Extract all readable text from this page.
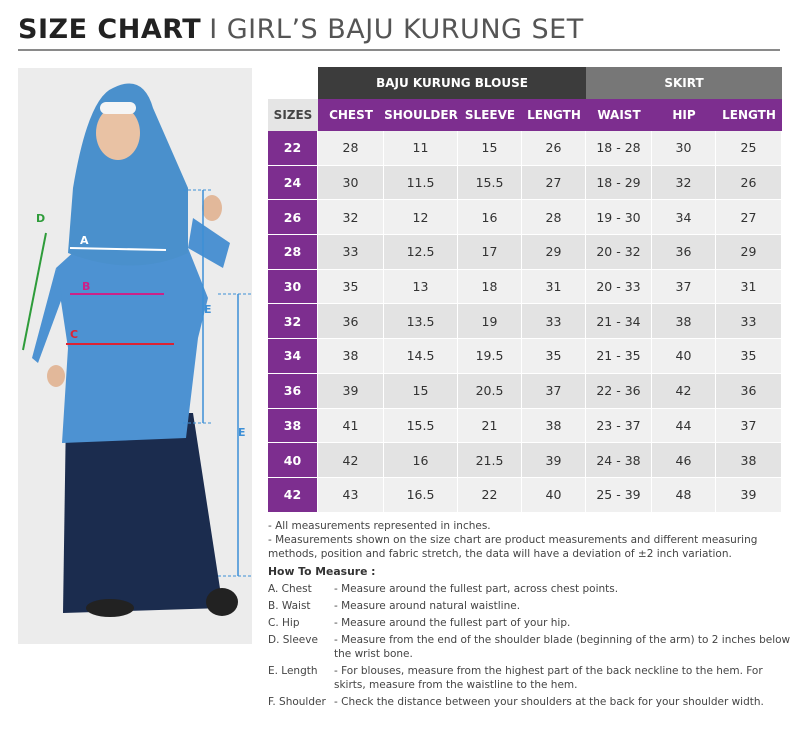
SIZE CHART I GIRL’S BAJU KURUNG SET
A
B
C
D
E
E
BAJU KURUNG BLOUSE	SKIRT
SIZES	CHEST SHOULDER SLEEVE	LENGTH	WAIST	HIP	LENGTH
22	28	11	15	26	18 - 28	30	25
24	30	11.5	15.5	27	18 - 29	32	26
26	32	12	16	28	19 - 30	34	27
28	33	12.5	17	29	20 - 32	36	29
30	35	13	18	31	20 - 33	37	31
32	36	13.5	19	33	21 - 34	38	33
34	38	14.5	19.5	35	21 - 35	40	35
36	39	15	20.5	37	22 - 36	42	36
38	41	15.5	21	38	23 - 37	44	37
40	42	16	21.5	39	24 - 38	46	38
42	43	16.5	22	40	25 - 39	48	39

- All measurements represented in inches.

- Measurements shown on the size chart are product measurements and different measuring methods, position and fabric stretch, the data will have a deviation of ±2 inch variation.

How To Measure :

A. Chest	- Measure around the fullest part, across chest points.
B. Waist	- Measure around natural waistline.
C. Hip	- Measure around the fullest part of your hip.
D. Sleeve	- Measure from the end of the shoulder blade (beginning of the arm) to 2 inches below the wrist bone.
E. Length	- For blouses, measure from the highest part of the back neckline to the hem. For skirts, measure from the waistline to the hem.
F. Shoulder - Check the distance between your shoulders at the back for your shoulder width.
